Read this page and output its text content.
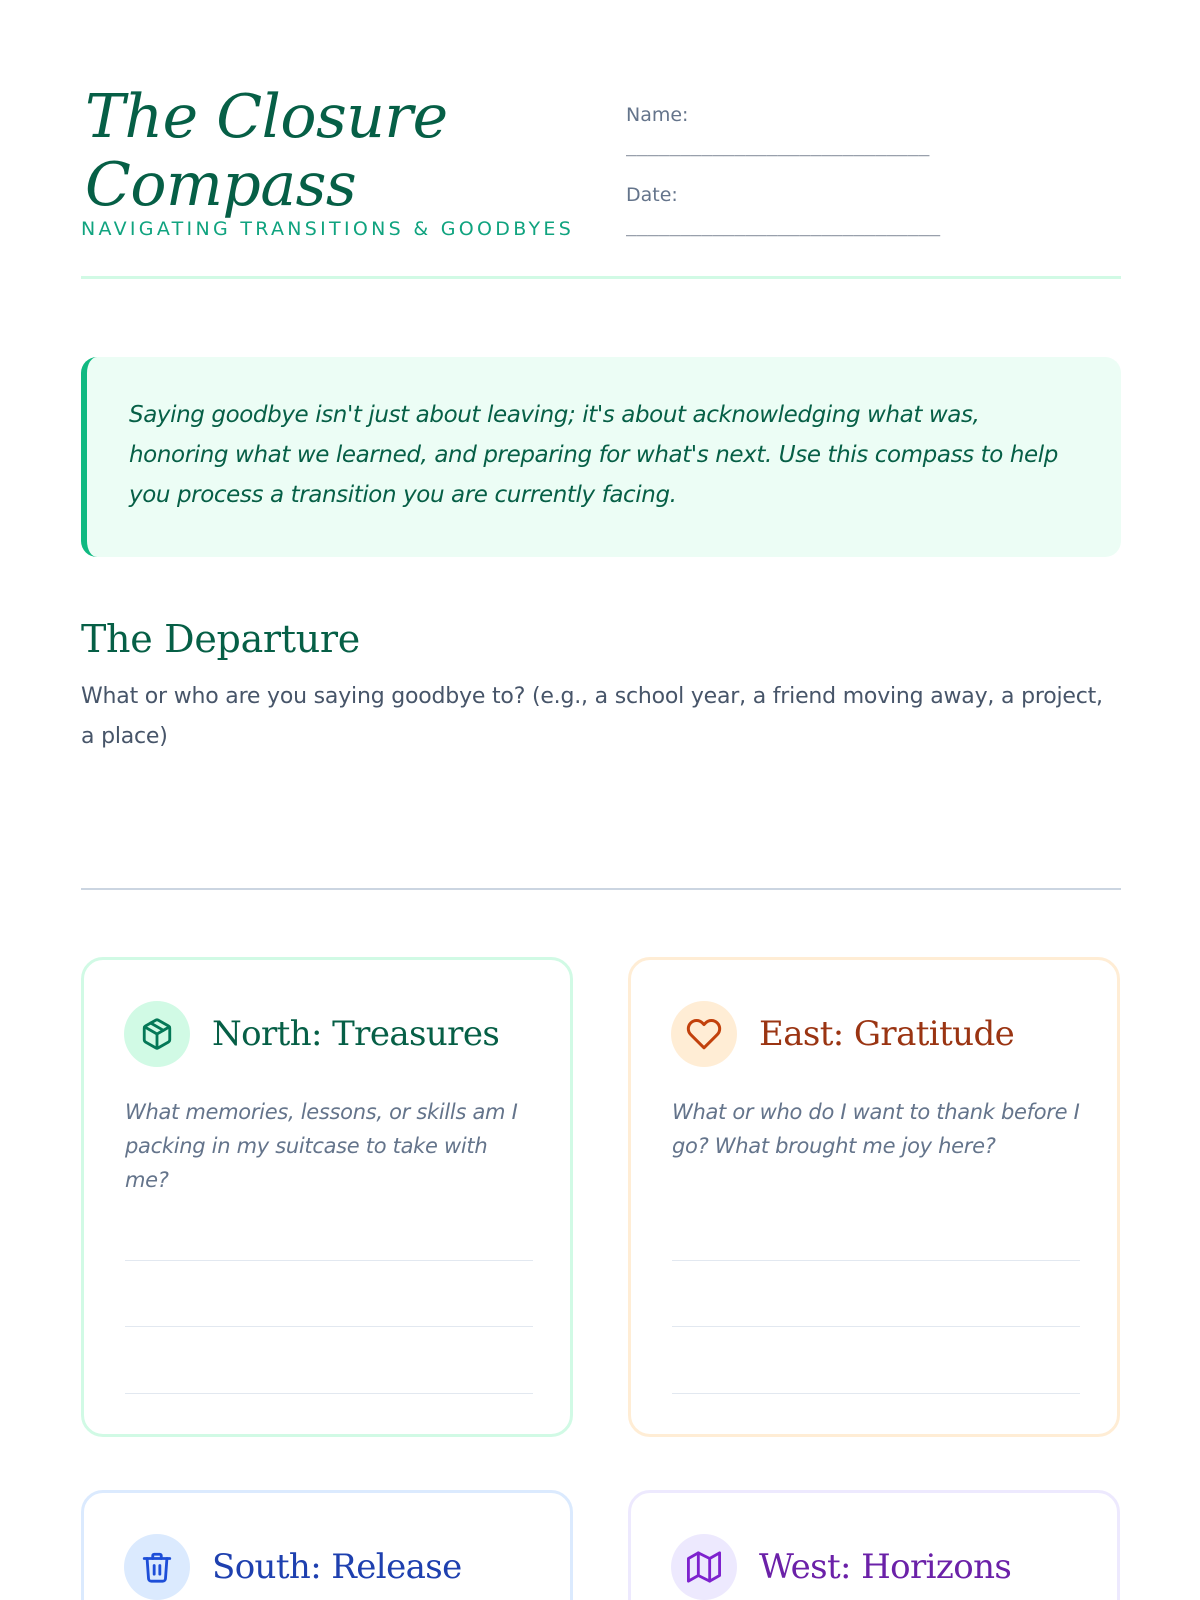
The Closure Compass
NAVIGATING TRANSITIONS & GOODBYES
Name:
____________________________
Date:
_____________________________

Saying goodbye isn't just about leaving; it's about acknowledging what was, honoring what we learned, and preparing for what's next. Use this compass to help you process a transition you are currently facing.

The Departure

What or who are you saying goodbye to? (e.g., a school year, a friend moving away, a project, a place)

North: Treasures

What memories, lessons, or skills am I packing in my suitcase to take with me?

East: Gratitude

What or who do I want to thank before I go? What brought me joy here?

South: Release	West: Horizons
